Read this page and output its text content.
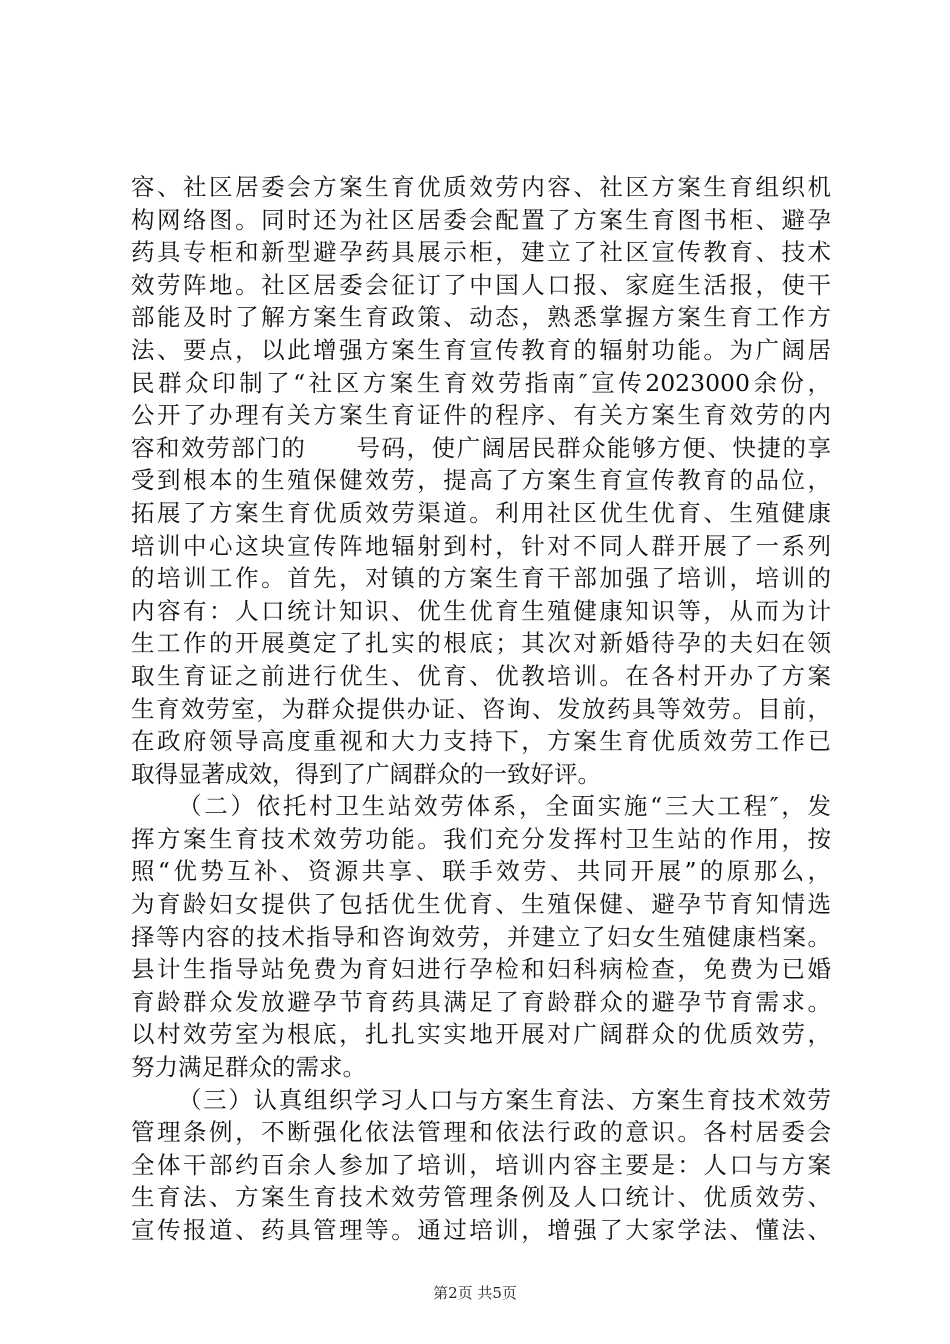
容、社区居委会方案生育优质效劳内容、社区方案生育组织机
构网络图。同时还为社区居委会配置了方案生育图书柜、避孕
药具专柜和新型避孕药具展示柜，建立了社区宣传教育、技术
效劳阵地。社区居委会征订了中国人口报、家庭生活报，使干
部能及时了解方案生育政策、动态，熟悉掌握方案生育工作方
法、要点，以此增强方案生育宣传教育的辐射功能。为广阔居
民群众印制了“社区方案生育效劳指南″宣传2023000余份，
公开了办理有关方案生育证件的程序、有关方案生育效劳的内
容和效劳部门的　　号码，使广阔居民群众能够方便、快捷的享
受到根本的生殖保健效劳，提高了方案生育宣传教育的品位，
拓展了方案生育优质效劳渠道。利用社区优生优育、生殖健康
培训中心这块宣传阵地辐射到村，针对不同人群开展了一系列
的培训工作。首先，对镇的方案生育干部加强了培训，培训的
内容有：人口统计知识、优生优育生殖健康知识等，从而为计
生工作的开展奠定了扎实的根底；其次对新婚待孕的夫妇在领
取生育证之前进行优生、优育、优教培训。在各村开办了方案
生育效劳室，为群众提供办证、咨询、发放药具等效劳。目前，
在政府领导高度重视和大力支持下，方案生育优质效劳工作已
取得显著成效，得到了广阔群众的一致好评。
（二）依托村卫生站效劳体系，全面实施“三大工程″，发
挥方案生育技术效劳功能。我们充分发挥村卫生站的作用，按
照“优势互补、资源共享、联手效劳、共同开展”的原那么，
为育龄妇女提供了包括优生优育、生殖保健、避孕节育知情选
择等内容的技术指导和咨询效劳，并建立了妇女生殖健康档案。
县计生指导站免费为育妇进行孕检和妇科病检查，免费为已婚
育龄群众发放避孕节育药具满足了育龄群众的避孕节育需求。
以村效劳室为根底，扎扎实实地开展对广阔群众的优质效劳，
努力满足群众的需求。
（三）认真组织学习人口与方案生育法、方案生育技术效劳
管理条例，不断强化依法管理和依法行政的意识。各村居委会
全体干部约百余人参加了培训，培训内容主要是：人口与方案
生育法、方案生育技术效劳管理条例及人口统计、优质效劳、
宣传报道、药具管理等。通过培训，增强了大家学法、懂法、
第2页 共5页
